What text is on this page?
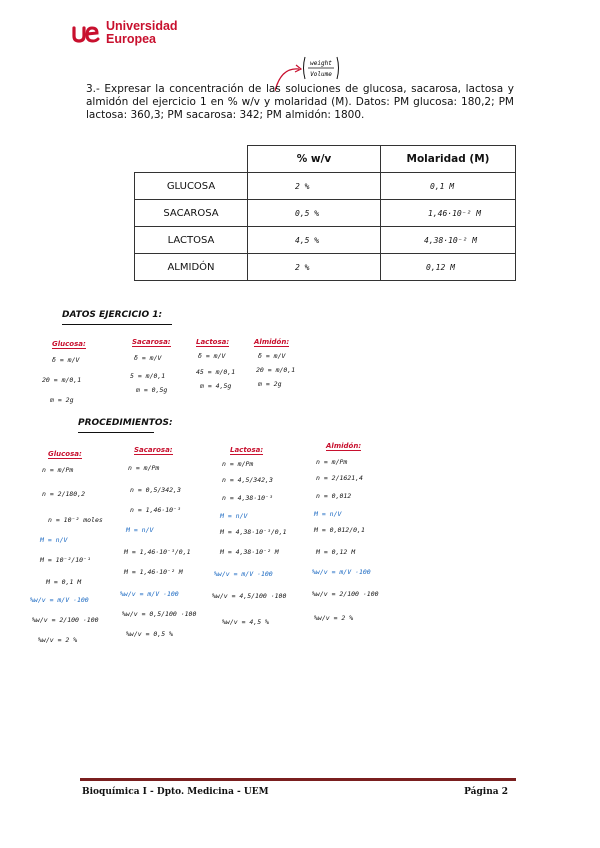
Universidad
Europea
weight
Volume
3.- Expresar la concentración de las soluciones de glucosa, sacarosa, lactosa y almidón del ejercicio 1 en % w/v y molaridad (M). Datos: PM glucosa: 180,2; PM lactosa: 360,3; PM sacarosa: 342; PM almidón: 1800.
	% w/v	Molaridad (M)
GLUCOSA	2 %	0,1 M
SACAROSA	0,5 %	1,46·10⁻² M
LACTOSA	4,5 %	4,38·10⁻² M
ALMIDÓN	2 %	0,12 M
DATOS EJERCICIO 1:
Glucosa:
δ = m/V
20 = m/0,1
m = 2g
Sacarosa:
δ = m/V
5 = m/0,1
m = 0,5g
Lactosa:
δ = m/V
45 = m/0,1
m = 4,5g
Almidón:
δ = m/V
20 = m/0,1
m = 2g
PROCEDIMIENTOS:
Glucosa:
n = m/Pm
n = 2/180,2
n = 10⁻² moles
M = n/V
M = 10⁻²/10⁻¹
M = 0,1 M
%w/v = m/V ·100
%w/v = 2/100 ·100
%w/v = 2 %
Sacarosa:
n = m/Pm
n = 0,5/342,3
n = 1,46·10⁻³
M = n/V
M = 1,46·10⁻³/0,1
M = 1,46·10⁻² M
%w/v = m/V ·100
%w/v = 0,5/100 ·100
%w/v = 0,5 %
Lactosa:
n = m/Pm
n = 4,5/342,3
n = 4,38·10⁻³
M = n/V
M = 4,38·10⁻³/0,1
M = 4,38·10⁻² M
%w/v = m/V ·100
%w/v = 4,5/100 ·100
%w/v = 4,5 %
Almidón:
n = m/Pm
n = 2/1621,4
n = 0,012
M = n/V
M = 0,012/0,1
M = 0,12 M
%w/v = m/V ·100
%w/v = 2/100 ·100
%w/v = 2 %
Bioquímica I - Dpto. Medicina - UEM	Página 2
